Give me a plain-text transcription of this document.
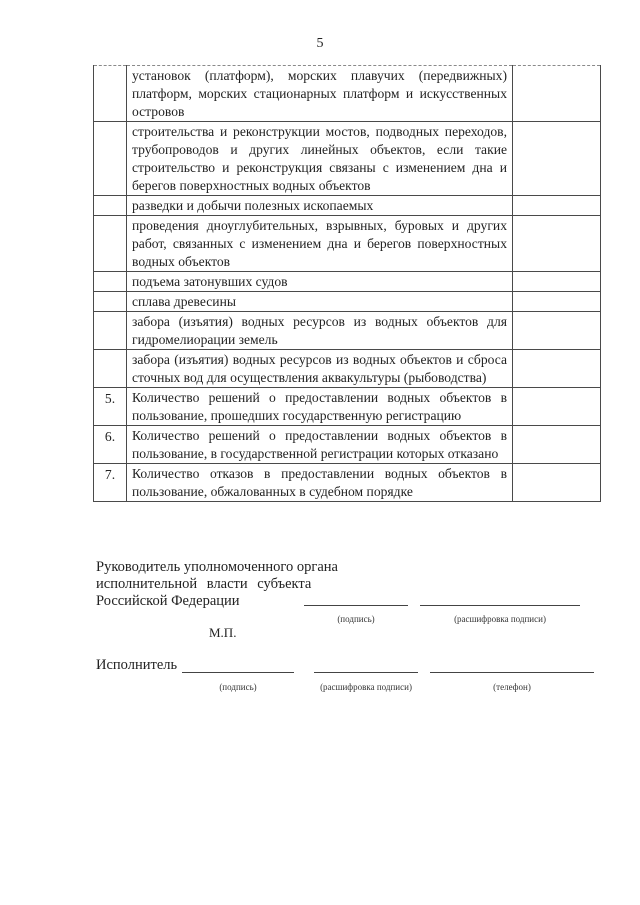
5
	установок (платформ), морских плавучих (передвижных) платформ, морских стационарных платформ и искусственных островов	
	строительства и реконструкции мостов, подводных переходов, трубопроводов и других линейных объектов, если такие строительство и реконструкция связаны с изменением дна и берегов поверхностных водных объектов	
	разведки и добычи полезных ископаемых	
	проведения дноуглубительных, взрывных, буровых и других работ, связанных с изменением дна и берегов поверхностных водных объектов	
	подъема затонувших судов	
	сплава древесины	
	забора (изъятия) водных ресурсов из водных объектов для гидромелиорации земель	
	забора (изъятия) водных ресурсов из водных объектов и сброса сточных вод для осуществления аквакультуры (рыбоводства)	
5.	Количество решений о предоставлении водных объектов в пользование, прошедших государственную регистрацию	
6.	Количество решений о предоставлении водных объектов в пользование, в государственной регистрации которых отказано	
7.	Количество отказов в предоставлении водных объектов в пользование, обжалованных в судебном порядке	
Руководитель уполномоченного органа
исполнительной власти субъекта
Российской Федерации
(подпись)	(расшифровка подписи)
М.П.
Исполнитель
(подпись)	(расшифровка подписи)	(телефон)
